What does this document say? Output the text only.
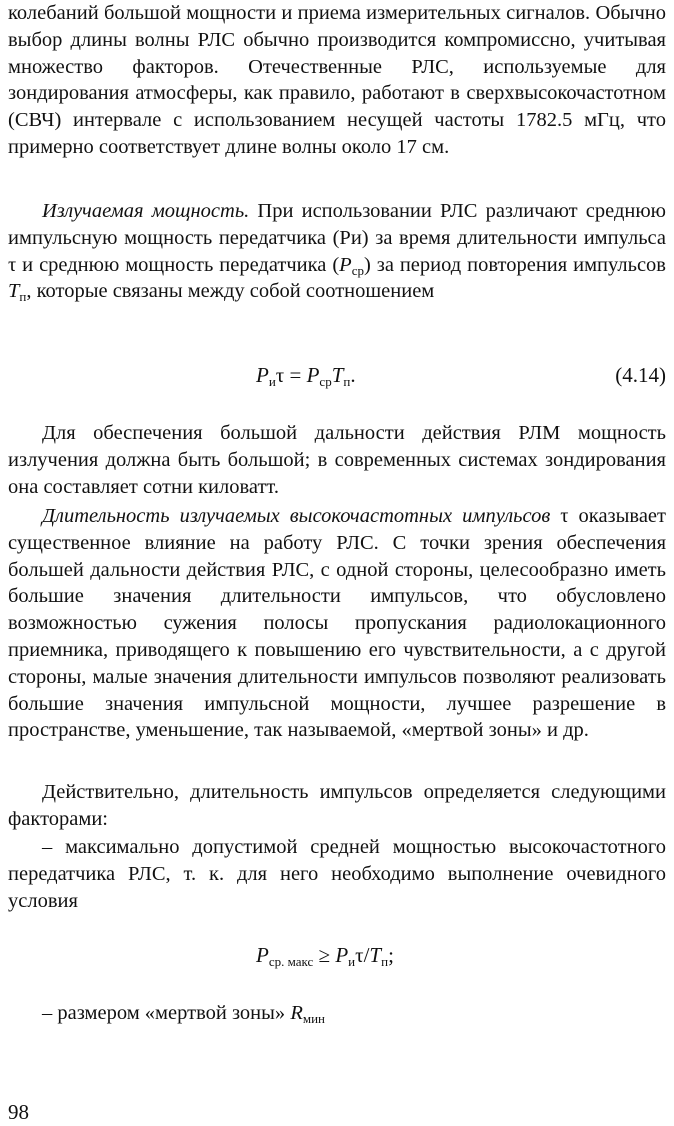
колебаний большой мощности и приема измерительных сигналов. Обычно выбор длины волны РЛС обычно производится компромиссно, учитывая множество факторов. Отечественные РЛС, используемые для зондирования атмосферы, как правило, работают в сверхвысокочастотном (СВЧ) интервале с использованием несущей частоты 1782.5 мГц, что примерно соответствует длине волны около 17 см.

Излучаемая мощность. При использовании РЛС различают среднюю импульсную мощность передатчика (Ри) за время длительности импульса τ и среднюю мощность передатчика $(P_{ср})$ за период повторения импульсов $T_п$, которые связаны между собой соотношением

$P_и\tau = P_{ср}T_п$.	(4.14)

Для обеспечения большой дальности действия РЛМ мощность излучения должна быть большой; в современных системах зондирования она составляет сотни киловатт.

Длительность излучаемых высокочастотных импульсов τ оказывает существенное влияние на работу РЛС. С точки зрения обеспечения большей дальности действия РЛС, с одной стороны, целесообразно иметь большие значения длительности импульсов, что обусловлено возможностью сужения полосы пропускания радиолокационного приемника, приводящего к повышению его чувствительности, а с другой стороны, малые значения длительности импульсов позволяют реализовать большие значения импульсной мощности, лучшее разрешение в пространстве, уменьшение, так называемой, «мертвой зоны» и др.

Действительно, длительность импульсов определяется следующими факторами:

– максимально допустимой средней мощностью высокочастотного передатчика РЛС, т. к. для него необходимо выполнение очевидного условия

$P_{ср. макс} \ge P_и\tau/T_п$;

– размером «мертвой зоны» $R_{мин}$

98
